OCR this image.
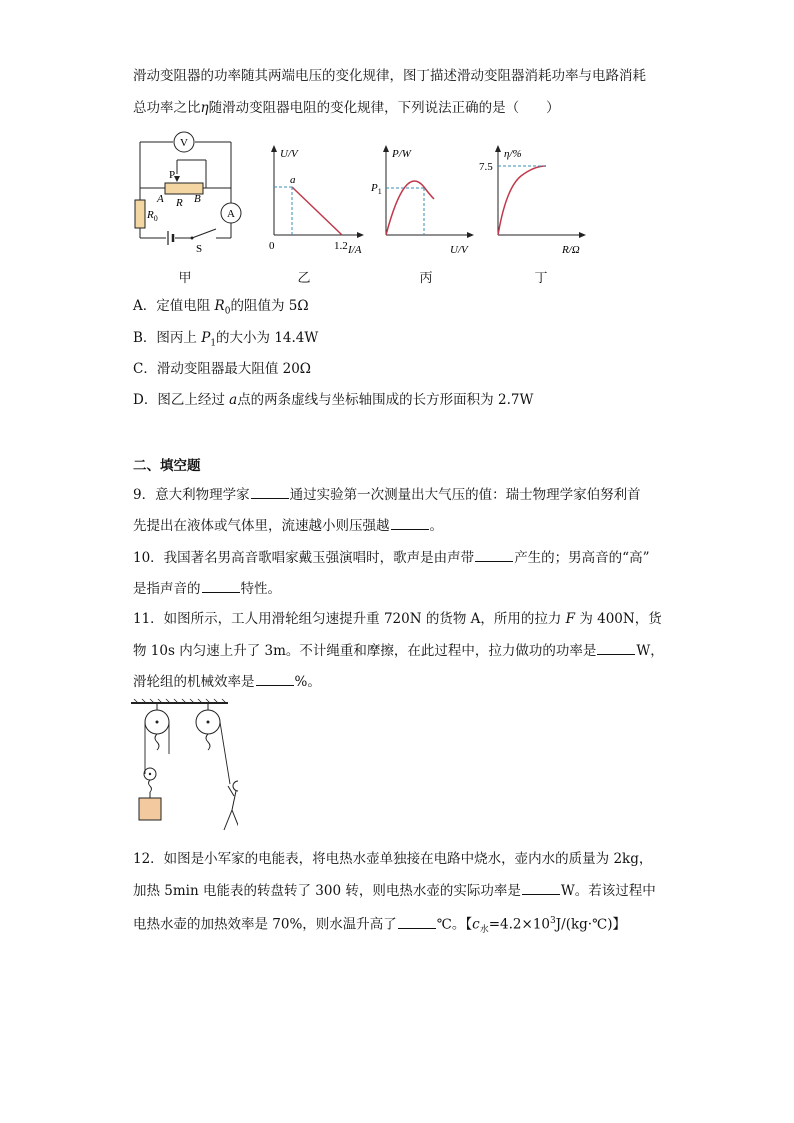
滑动变阻器的功率随其两端电压的变化规律，图丁描述滑动变阻器消耗功率与电路消耗
总功率之比η随滑动变阻器电阻的变化规律，下列说法正确的是（　　）
V
A
P
A R B
$R_0$
S
甲
U/V
I/A
0
a
1.2
乙
P/W
U/V
$P_1$
丙
η/%
R/Ω
7.5
丁
A．定值电阻 $R_0$的阻值为 5Ω
B．图丙上 $P_1$的大小为 14.4W
C．滑动变阻器最大阻值 20Ω
D．图乙上经过 a点的两条虚线与坐标轴围成的长方形面积为 2.7W
二、填空题
9．意大利物理学家	通过实验第一次测量出大气压的值：瑞士物理学家伯努利首
先提出在液体或气体里，流速越小则压强越	。
10．我国著名男高音歌唱家戴玉强演唱时，歌声是由声带	产生的；男高音的“高”
是指声音的	特性。
11．如图所示，工人用滑轮组匀速提升重 720N 的货物 A，所用的拉力 F 为 400N，货
物 10s 内匀速上升了 3m。不计绳重和摩擦，在此过程中，拉力做功的功率是	W，
滑轮组的机械效率是	%。
12．如图是小军家的电能表，将电热水壶单独接在电路中烧水，壶内水的质量为 2kg，
加热 5min 电能表的转盘转了 300 转，则电热水壶的实际功率是	W。若该过程中
电热水壶的加热效率是 70%，则水温升高了	℃。【$c_水=4.2\times 10^3J/(kg\cdot℃)$】
